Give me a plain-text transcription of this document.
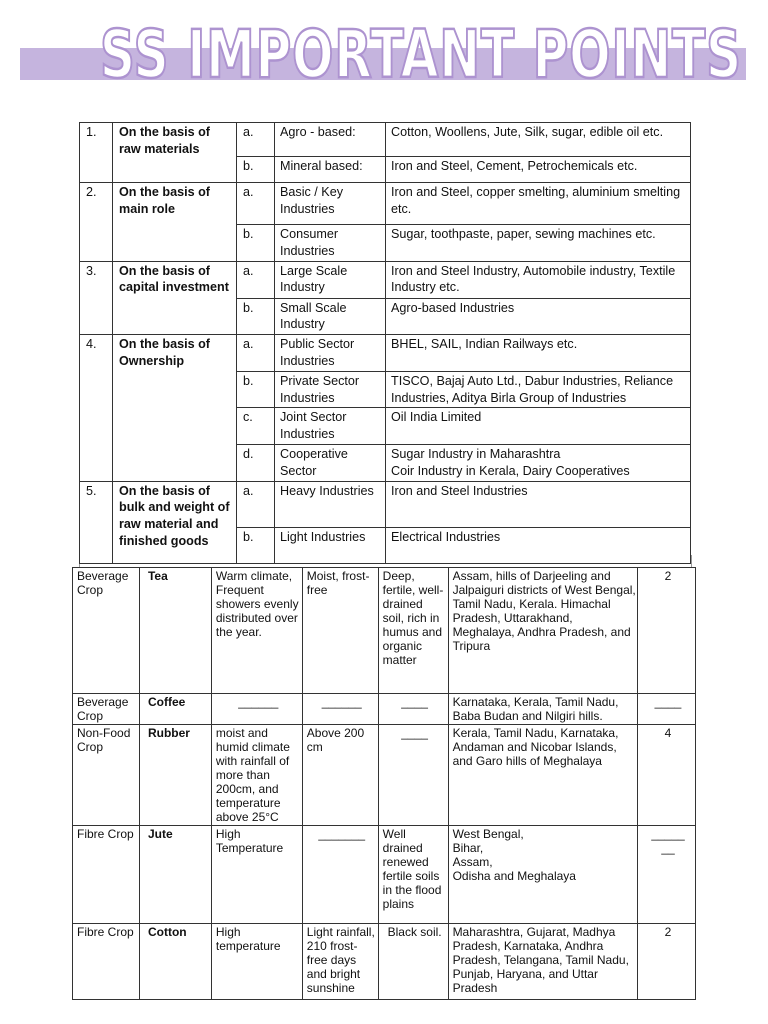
SS IMPORTANT POINTS
1.	On the basis of raw materials	a.	Agro - based:	Cotton, Woollens, Jute, Silk, sugar, edible oil etc.
		b.	Mineral based:	Iron and Steel, Cement, Petrochemicals etc.
2.	On the basis of main role	a.	Basic / Key Industries	Iron and Steel, copper smelting, aluminium smelting etc.
		b.	Consumer Industries	Sugar, toothpaste, paper, sewing machines etc.
3.	On the basis of capital investment	a.	Large Scale Industry	Iron and Steel Industry, Automobile industry, Textile Industry etc.
		b.	Small Scale Industry	Agro-based Industries
4.	On the basis of Ownership	a.	Public Sector Industries	BHEL, SAIL, Indian Railways etc.
		b.	Private Sector Industries	TISCO, Bajaj Auto Ltd., Dabur Industries, Reliance Industries, Aditya Birla Group of Industries
		c.	Joint Sector Industries	Oil India Limited
		d.	Cooperative Sector	Sugar Industry in Maharashtra
Coir Industry in Kerala, Dairy Cooperatives
5.	On the basis of bulk and weight of raw material and finished goods	a.	Heavy Industries	Iron and Steel Industries
		b.	Light Industries	Electrical Industries
Beverage Crop	Tea	Warm climate, Frequent showers evenly distributed over the year.	Moist, frost-free	Deep, fertile, well-drained soil, rich in humus and organic matter	Assam, hills of Darjeeling and Jalpaiguri districts of West Bengal, Tamil Nadu, Kerala. Himachal Pradesh, Uttarakhand, Meghalaya, Andhra Pradesh, and Tripura	2
Beverage Crop	Coffee	______	______	____	Karnataka, Kerala, Tamil Nadu, Baba Budan and Nilgiri hills.	____
Non-Food Crop	Rubber	moist and humid climate with rainfall of more than 200cm, and temperature above 25°C	Above 200 cm	____	Kerala, Tamil Nadu, Karnataka, Andaman and Nicobar Islands, and Garo hills of Meghalaya	4
Fibre Crop	Jute	High Temperature	_______	Well drained renewed fertile soils in the flood plains	West Bengal,
Bihar,
Assam,
Odisha and Meghalaya	_____
__
Fibre Crop	Cotton	High temperature	Light rainfall, 210 frost-free days and bright sunshine	Black soil.	Maharashtra, Gujarat, Madhya Pradesh, Karnataka, Andhra Pradesh, Telangana, Tamil Nadu, Punjab, Haryana, and Uttar Pradesh	2
